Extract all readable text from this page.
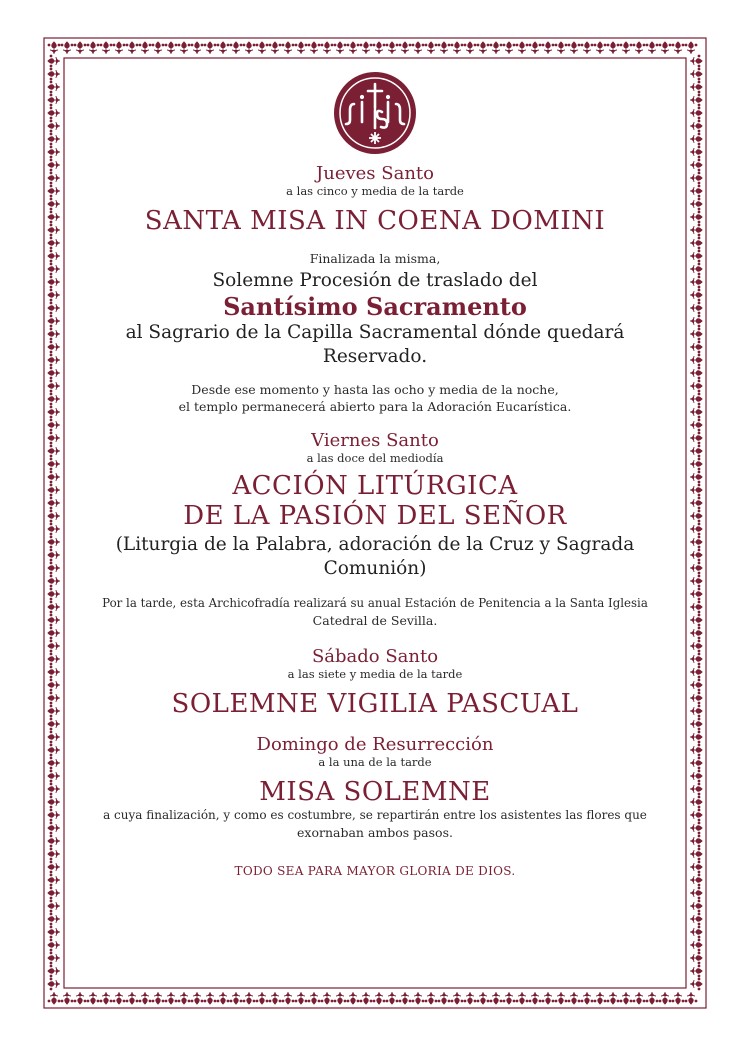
Jueves Santo
a las cinco y media de la tarde
SANTA MISA IN COENA DOMINI
Finalizada la misma,
Solemne Procesión de traslado del
Santísimo Sacramento
al Sagrario de la Capilla Sacramental dónde quedará
Reservado.
Desde ese momento y hasta las ocho y media de la noche,
el templo permanecerá abierto para la Adoración Eucarística.
Viernes Santo
a las doce del mediodía
ACCIÓN LITÚRGICA
DE LA PASIÓN DEL SEÑOR
(Liturgia de la Palabra, adoración de la Cruz y Sagrada
Comunión)
Por la tarde, esta Archicofradía realizará su anual Estación de Penitencia a la Santa Iglesia
Catedral de Sevilla.
Sábado Santo
a las siete y media de la tarde
SOLEMNE VIGILIA PASCUAL
Domingo de Resurrección
a la una de la tarde
MISA SOLEMNE
a cuya finalización, y como es costumbre, se repartirán entre los asistentes las flores que
exornaban ambos pasos.
TODO SEA PARA MAYOR GLORIA DE DIOS.
